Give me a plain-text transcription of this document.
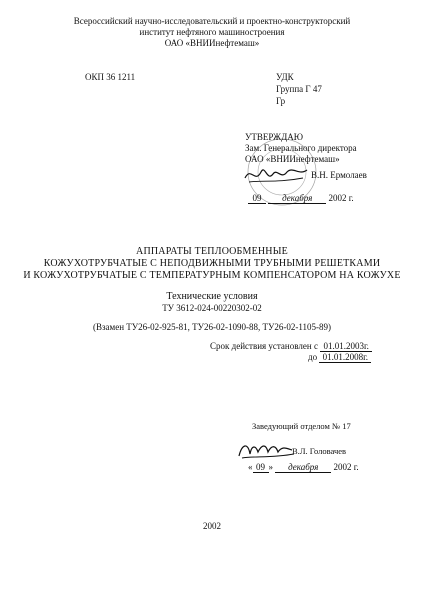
Всероссийский научно-исследовательский и проектно-конструкторский
институт нефтяного машиностроения
ОАО «ВНИИнефтемаш»
ОКП 36 1211	УДК
Группа Г 47
Гр
УТВЕРЖДАЮ
Зам. Генерального директора
ОАО «ВНИИнефтемаш»
В.Н. Ермолаев
09 декабря 2002 г.
АППАРАТЫ ТЕПЛООБМЕННЫЕ
КОЖУХОТРУБЧАТЫЕ С НЕПОДВИЖНЫМИ ТРУБНЫМИ РЕШЕТКАМИ
И КОЖУХОТРУБЧАТЫЕ С ТЕМПЕРАТУРНЫМ КОМПЕНСАТОРОМ НА КОЖУХЕ
Технические условия
ТУ 3612-024-00220302-02
(Взамен ТУ26-02-925-81, ТУ26-02-1090-88, ТУ26-02-1105-89)
Срок действия установлен с 01.01.2003г.
до 01.01.2008г.
Заведующий отделом № 17
В.Л. Головачев
« 09 » декабря 2002 г.
2002
